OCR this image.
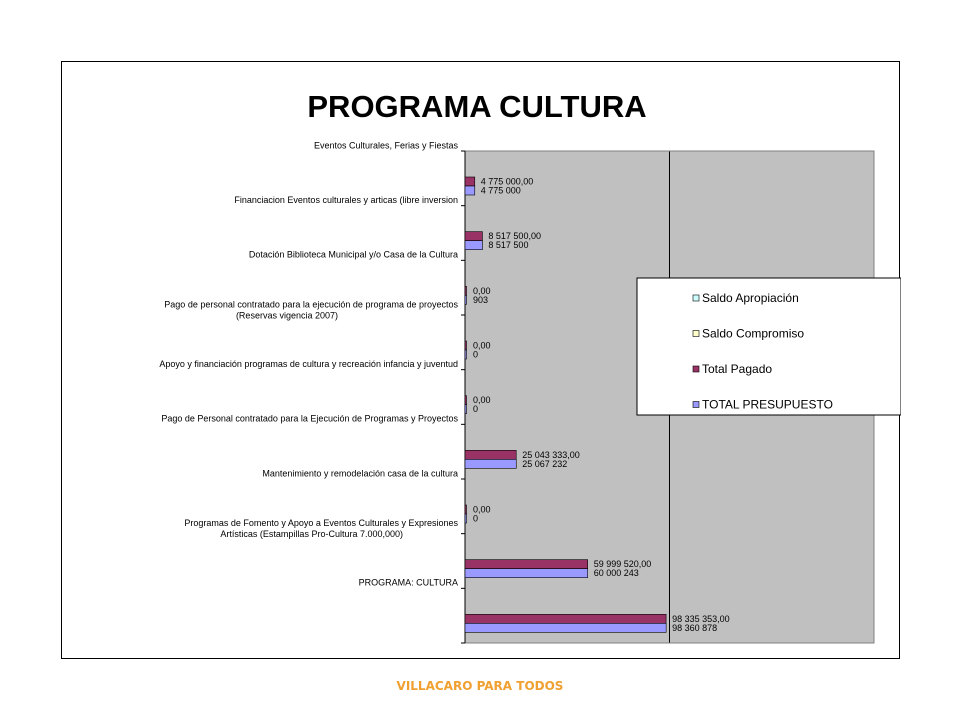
PROGRAMA CULTURA
Eventos Culturales, Ferias y Fiestas
Financiacion Eventos culturales y articas (libre inversion
Dotación Biblioteca Municipal y/o Casa de la Cultura
Pago de personal contratado para la ejecución de programa de proyectos
(Reservas vigencia 2007)
Apoyo y financiación programas de cultura y recreación infancia y juventud
Pago de Personal contratado para la Ejecución de Programas y Proyectos
Mantenimiento y remodelación casa de la cultura
Programas de Fomento y Apoyo a Eventos Culturales y Expresiones
Artísticas (Estampillas Pro-Cultura 7.000,000)
PROGRAMA: CULTURA
4 775 000,00
8 517 500,00
0,00
0,00
0,00
25 043 333,00
0,00
59 999 520,00
98 335 353,00
4 775 000
8 517 500
903
0
0
25 067 232
0
60 000 243
98 360 878
Saldo Apropiación
Saldo Compromiso
Total Pagado
TOTAL PRESUPUESTO
VILLACARO PARA TODOS
